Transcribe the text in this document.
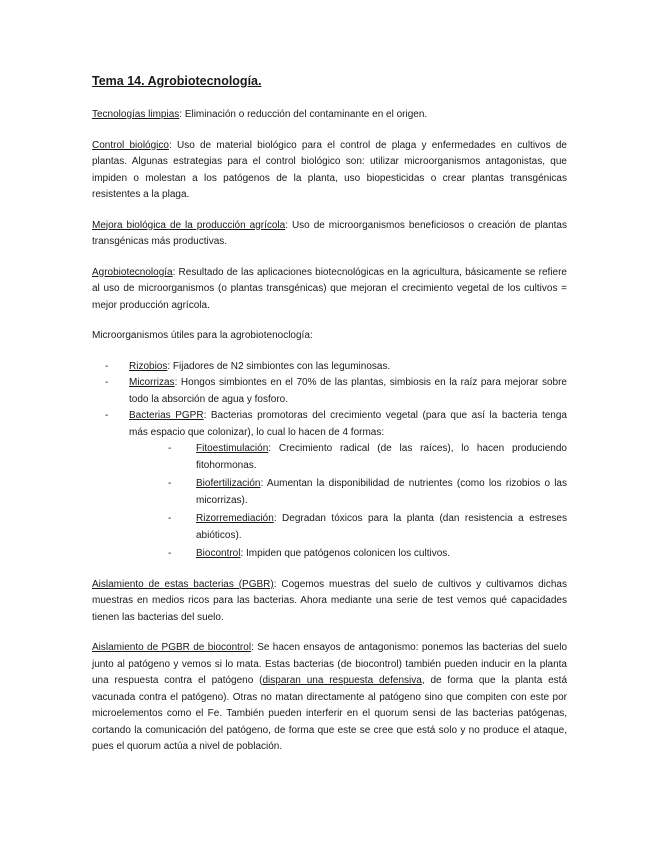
Tema 14. Agrobiotecnología.

Tecnologías limpias: Eliminación o reducción del contaminante en el origen.

Control biológico: Uso de material biológico para el control de plaga y enfermedades en cultivos de plantas. Algunas estrategias para el control biológico son: utilizar microorganismos antagonistas, que impiden o molestan a los patógenos de la planta, uso biopesticidas o crear plantas transgénicas resistentes a la plaga.

Mejora biológica de la producción agrícola: Uso de microorganismos beneficiosos o creación de plantas transgénicas más productivas.

Agrobiotecnología: Resultado de las aplicaciones biotecnológicas en la agricultura, básicamente se refiere al uso de microorganismos (o plantas transgénicas) que mejoran el crecimiento vegetal de los cultivos = mejor producción agrícola.

Microorganismos útiles para la agrobiotenoclogía:

- Rizobios: Fijadores de N2 simbiontes con las leguminosas.
- Micorrizas: Hongos simbiontes en el 70% de las plantas, simbiosis en la raíz para mejorar sobre todo la absorción de agua y fosforo.
- Bacterias PGPR: Bacterias promotoras del crecimiento vegetal (para que así la bacteria tenga más espacio que colonizar), lo cual lo hacen de 4 formas:
- Fitoestimulación: Crecimiento radical (de las raíces), lo hacen produciendo fitohormonas.
- Biofertilización: Aumentan la disponibilidad de nutrientes (como los rizobios o las micorrizas).
- Rizorremediación: Degradan tóxicos para la planta (dan resistencia a estreses abióticos).
- Biocontrol: Impiden que patógenos colonicen los cultivos.

Aislamiento de estas bacterias (PGBR): Cogemos muestras del suelo de cultivos y cultivamos dichas muestras en medios ricos para las bacterias. Ahora mediante una serie de test vemos qué capacidades tienen las bacterias del suelo.

Aislamiento de PGBR de biocontrol: Se hacen ensayos de antagonismo: ponemos las bacterias del suelo junto al patógeno y vemos si lo mata. Estas bacterias (de biocontrol) también pueden inducir en la planta una respuesta contra el patógeno (disparan una respuesta defensiva, de forma que la planta está vacunada contra el patógeno). Otras no matan directamente al patógeno sino que compiten con este por microelementos como el Fe. También pueden interferir en el quorum sensi de las bacterias patógenas, cortando la comunicación del patógeno, de forma que este se cree que está solo y no produce el ataque, pues el quorum actúa a nivel de población.
